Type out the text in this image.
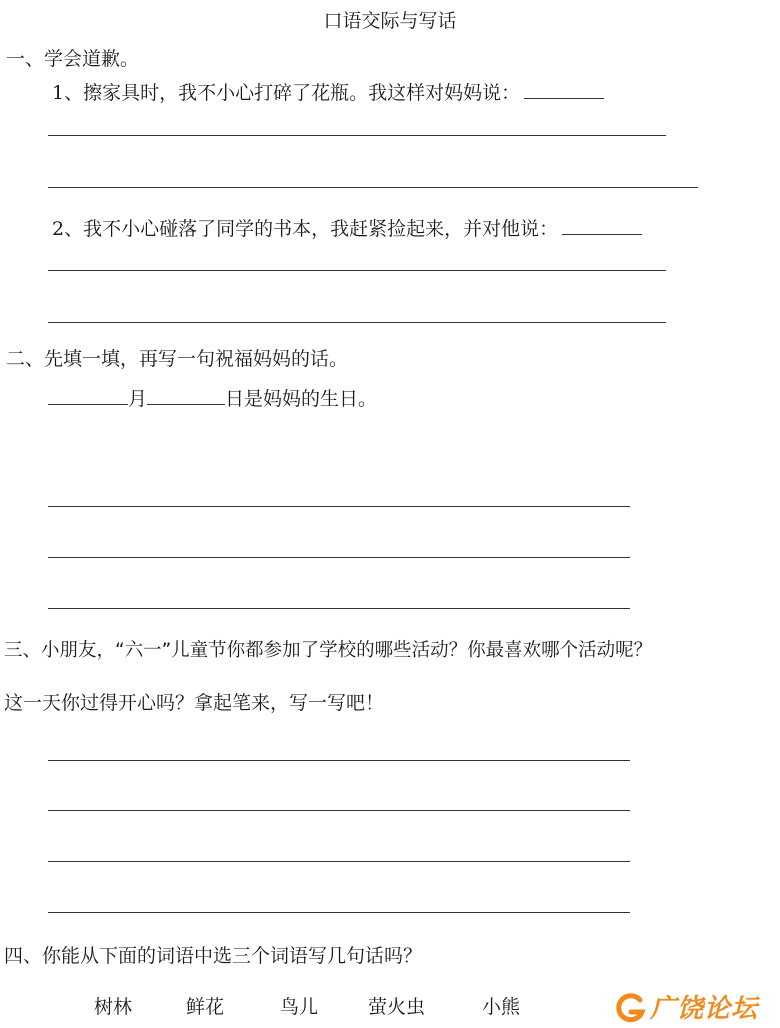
口语交际与写话
一、学会道歉。
1、擦家具时，我不小心打碎了花瓶。我这样对妈妈说：
2、我不小心碰落了同学的书本，我赶紧捡起来，并对他说：
二、先填一填，再写一句祝福妈妈的话。
月	日是妈妈的生日。
三、小朋友，“六一”儿童节你都参加了学校的哪些活动？你最喜欢哪个活动呢？
这一天你过得开心吗？拿起笔来，写一写吧！
四、你能从下面的词语中选三个词语写几句话吗？
树林	鲜花	鸟儿	萤火虫	小熊	广饶论坛
